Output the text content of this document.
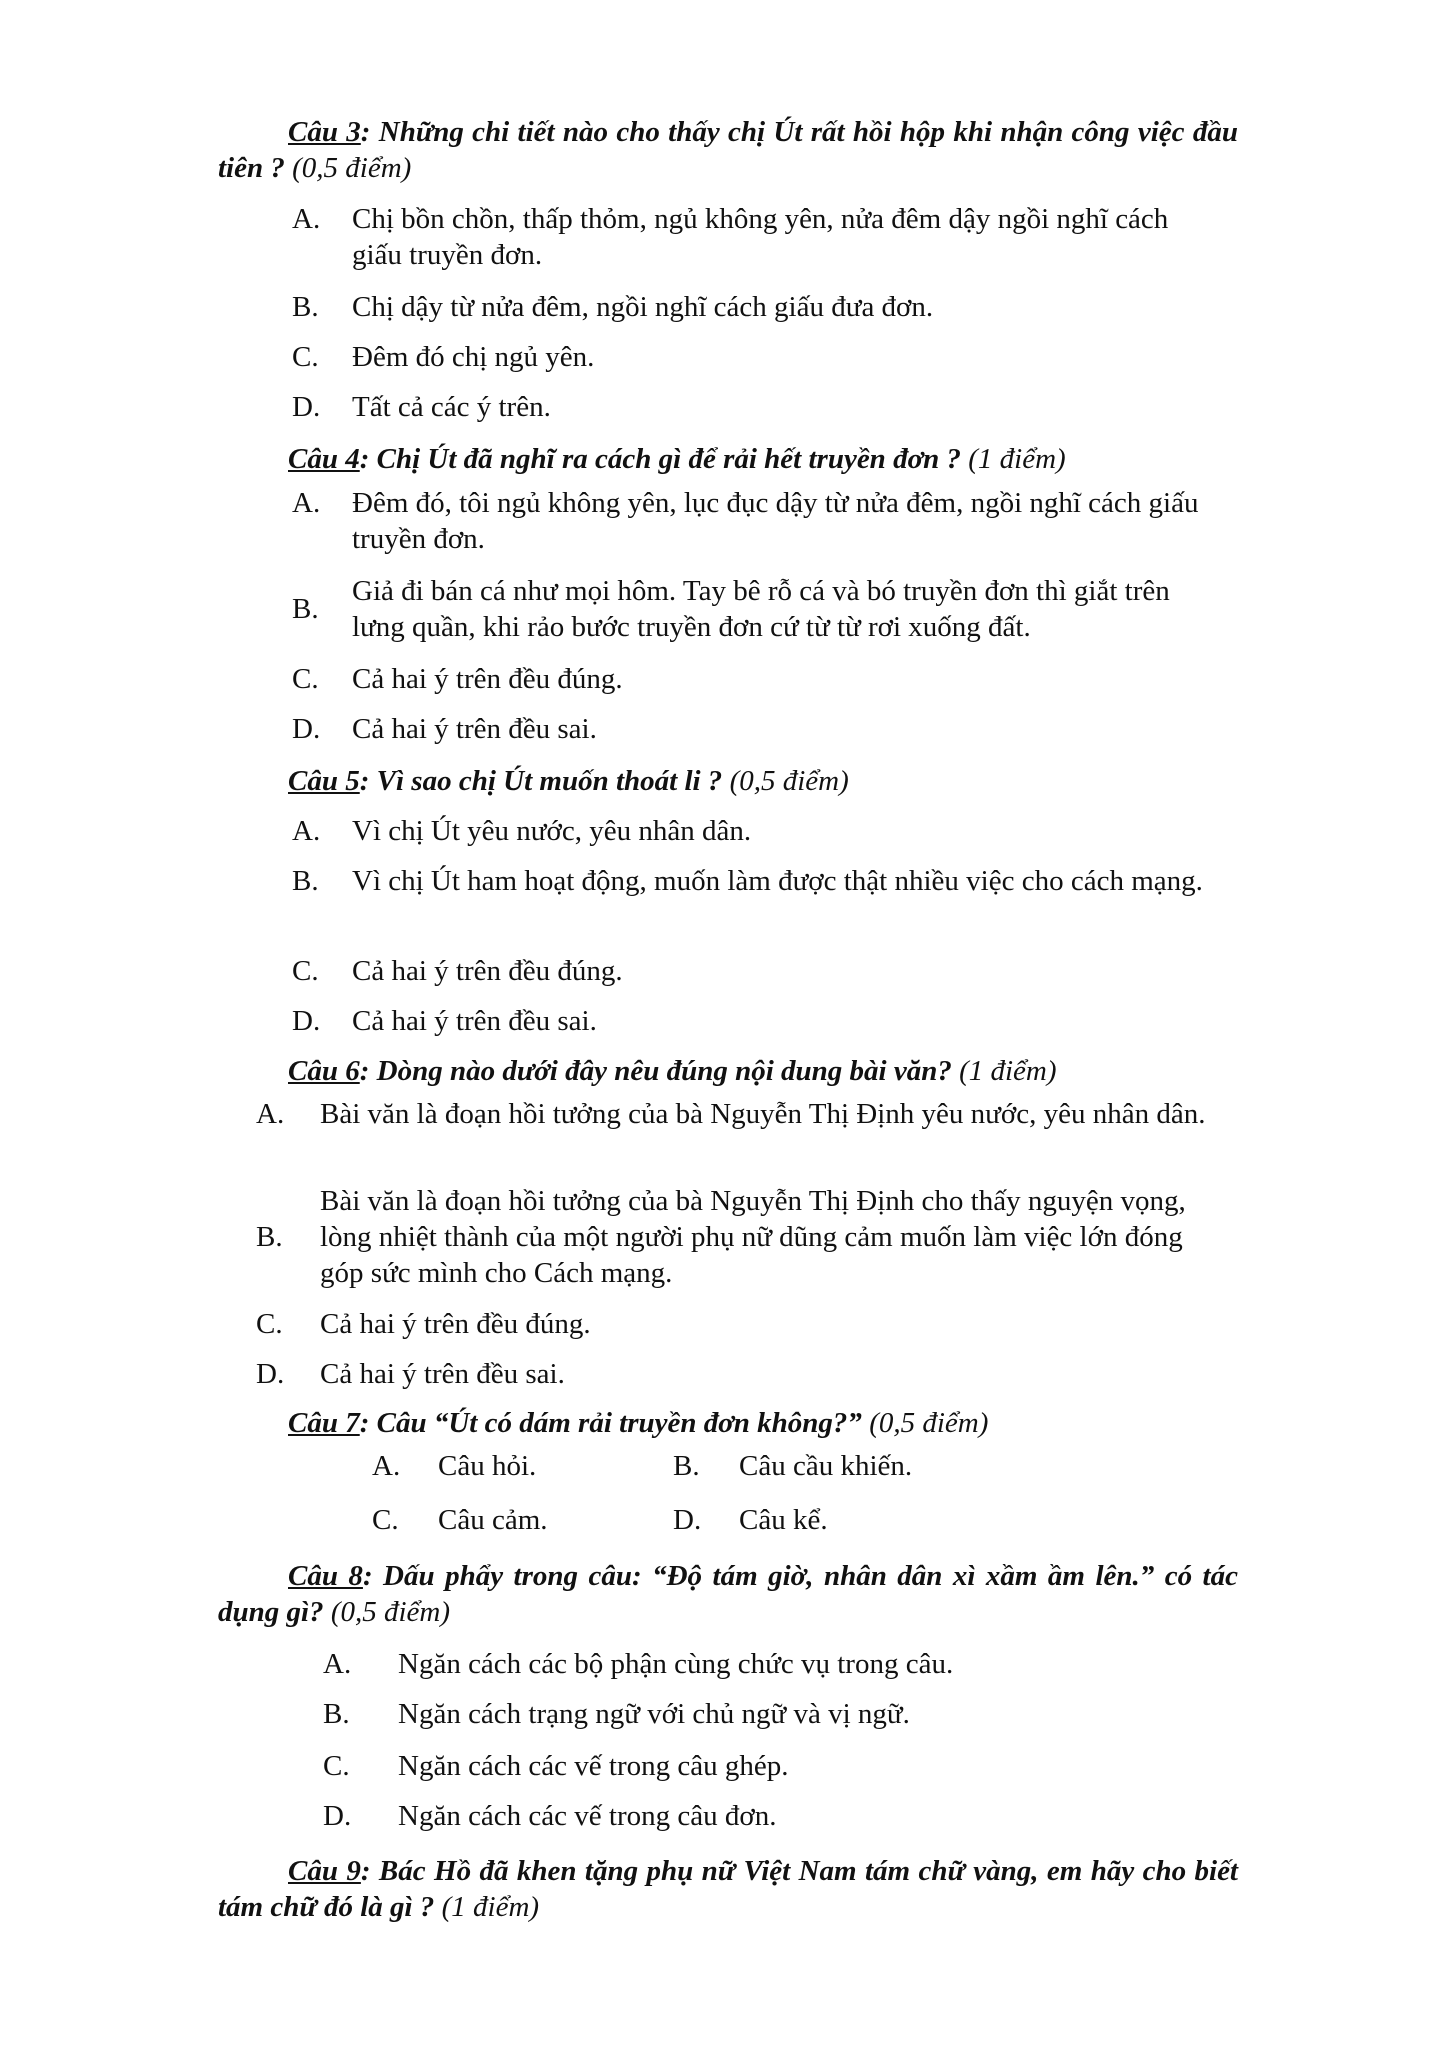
Câu 3: Những chi tiết nào cho thấy chị Út rất hồi hộp khi nhận công việc đầu tiên ? (0,5 điểm)
A. Chị bồn chồn, thấp thỏm, ngủ không yên, nửa đêm dậy ngồi nghĩ cách giấu truyền đơn.
B. Chị dậy từ nửa đêm, ngồi nghĩ cách giấu đưa đơn.
C. Đêm đó chị ngủ yên.
D. Tất cả các ý trên.
Câu 4: Chị Út đã nghĩ ra cách gì để rải hết truyền đơn ? (1 điểm)
A. Đêm đó, tôi ngủ không yên, lục đục dậy từ nửa đêm, ngồi nghĩ cách giấu truyền đơn.
B.
Giả đi bán cá như mọi hôm. Tay bê rỗ cá và bó truyền đơn thì giắt trên lưng quần, khi rảo bước truyền đơn cứ từ từ rơi xuống đất.
C. Cả hai ý trên đều đúng.
D. Cả hai ý trên đều sai.
Câu 5: Vì sao chị Út muốn thoát li ? (0,5 điểm)
A. Vì chị Út yêu nước, yêu nhân dân.
B. Vì chị Út ham hoạt động, muốn làm được thật nhiều việc cho cách mạng.
C. Cả hai ý trên đều đúng.
D. Cả hai ý trên đều sai.
Câu 6: Dòng nào dưới đây nêu đúng nội dung bài văn? (1 điểm)
A. Bài văn là đoạn hồi tưởng của bà Nguyễn Thị Định yêu nước, yêu nhân dân.
B.
Bài văn là đoạn hồi tưởng của bà Nguyễn Thị Định cho thấy nguyện vọng, lòng nhiệt thành của một người phụ nữ dũng cảm muốn làm việc lớn đóng góp sức mình cho Cách mạng.
C. Cả hai ý trên đều đúng.
D. Cả hai ý trên đều sai.
Câu 7: Câu “Út có dám rải truyền đơn không?” (0,5 điểm)
A. Câu hỏi.	B. Câu cầu khiến.
C. Câu cảm.	D. Câu kể.
Câu 8: Dấu phẩy trong câu: “Độ tám giờ, nhân dân xì xầm ầm lên.” có tác dụng gì? (0,5 điểm)
A. Ngăn cách các bộ phận cùng chức vụ trong câu.
B. Ngăn cách trạng ngữ với chủ ngữ và vị ngữ.
C. Ngăn cách các vế trong câu ghép.
D. Ngăn cách các vế trong câu đơn.
Câu 9: Bác Hồ đã khen tặng phụ nữ Việt Nam tám chữ vàng, em hãy cho biết tám chữ đó là gì ? (1 điểm)
